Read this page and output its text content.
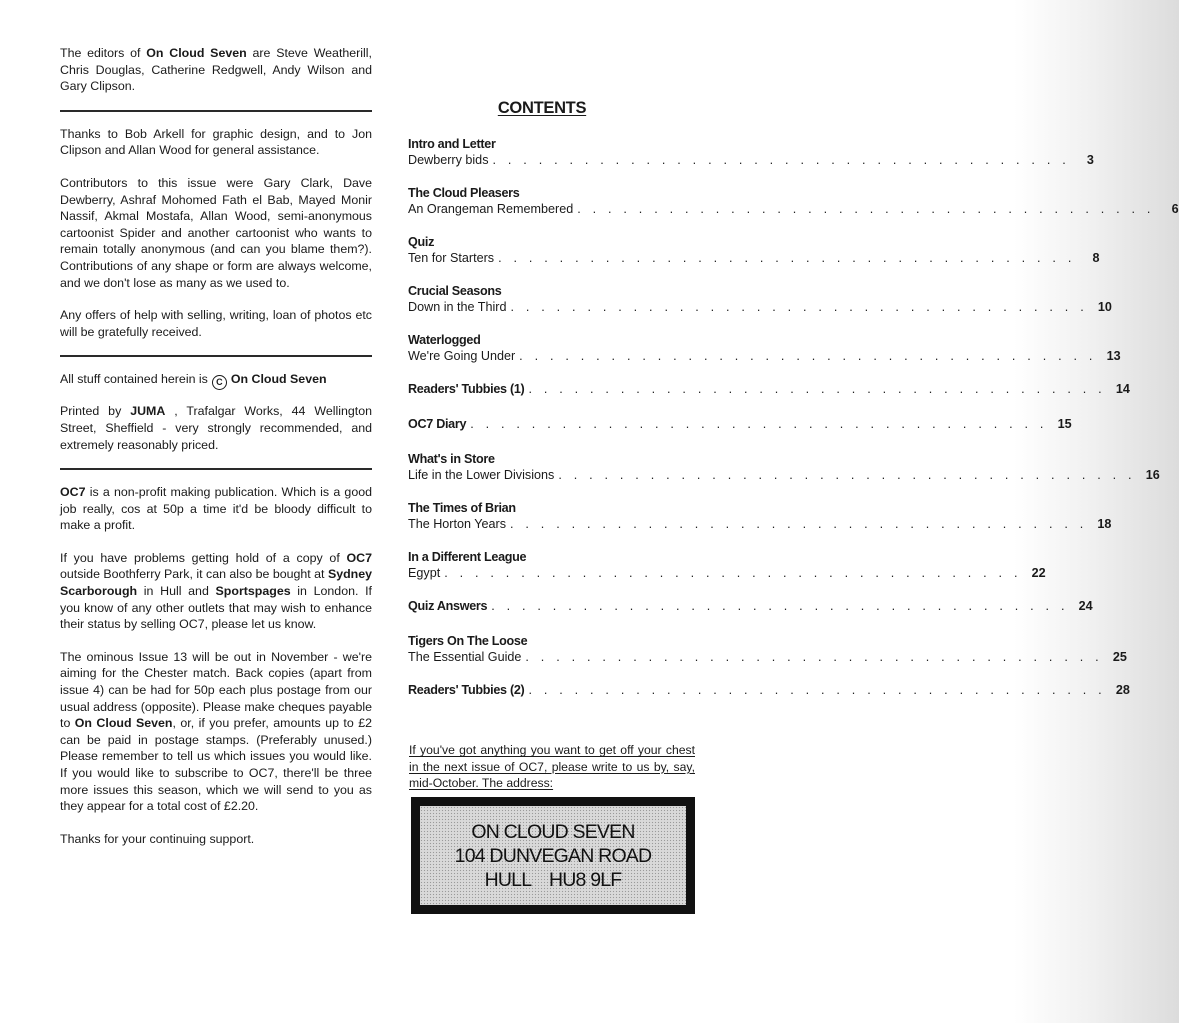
The editors of On Cloud Seven are Steve Weatherill, Chris Douglas, Catherine Redgwell, Andy Wilson and Gary Clipson.

Thanks to Bob Arkell for graphic design, and to Jon Clipson and Allan Wood for general assistance.

Contributors to this issue were Gary Clark, Dave Dewberry, Ashraf Mohomed Fath el Bab, Mayed Monir Nassif, Akmal Mostafa, Allan Wood, semi-anonymous cartoonist Spider and another cartoonist who wants to remain totally anonymous (and can you blame them?). Contributions of any shape or form are always welcome, and we don't lose as many as we used to.

Any offers of help with selling, writing, loan of photos etc will be gratefully received.

All stuff contained herein is C On Cloud Seven

Printed by JUMA , Trafalgar Works, 44 Wellington Street, Sheffield - very strongly recommended, and extremely reasonably priced.

OC7 is a non-profit making publication. Which is a good job really, cos at 50p a time it'd be bloody difficult to make a profit.

If you have problems getting hold of a copy of OC7 outside Boothferry Park, it can also be bought at Sydney Scarborough in Hull and Sportspages in London. If you know of any other outlets that may wish to enhance their status by selling OC7, please let us know.

The ominous Issue 13 will be out in November - we're aiming for the Chester match. Back copies (apart from issue 4) can be had for 50p each plus postage from our usual address (opposite). Please make cheques payable to On Cloud Seven, or, if you prefer, amounts up to £2 can be paid in postage stamps. (Preferably unused.) Please remember to tell us which issues you would like. If you would like to subscribe to OC7, there'll be three more issues this season, which we will send to you as they appear for a total cost of £2.20.

Thanks for your continuing support.

CONTENTS
Intro and Letter
Dewberry bids . . . . . . . . . . . . . . . . . . . . . . . . . . . . . . . . . . . . . .	3
The Cloud Pleasers
An Orangeman Remembered . . . . . . . . . . . . . . . . . . . . . . . . . . . . . . . . . . . . . .	6
Quiz
Ten for Starters . . . . . . . . . . . . . . . . . . . . . . . . . . . . . . . . . . . . . .	8
Crucial Seasons
Down in the Third . . . . . . . . . . . . . . . . . . . . . . . . . . . . . . . . . . . . . . 10
Waterlogged
We're Going Under . . . . . . . . . . . . . . . . . . . . . . . . . . . . . . . . . . . . . . 13
Readers' Tubbies (1) . . . . . . . . . . . . . . . . . . . . . . . . . . . . . . . . . . . . . . 14
OC7 Diary . . . . . . . . . . . . . . . . . . . . . . . . . . . . . . . . . . . . . . 15
What's in Store
Life in the Lower Divisions . . . . . . . . . . . . . . . . . . . . . . . . . . . . . . . . . . . . . . 16
The Times of Brian
The Horton Years . . . . . . . . . . . . . . . . . . . . . . . . . . . . . . . . . . . . . . 18
In a Different League
Egypt . . . . . . . . . . . . . . . . . . . . . . . . . . . . . . . . . . . . . . 22
Quiz Answers . . . . . . . . . . . . . . . . . . . . . . . . . . . . . . . . . . . . . . 24
Tigers On The Loose
The Essential Guide . . . . . . . . . . . . . . . . . . . . . . . . . . . . . . . . . . . . . . 25
Readers' Tubbies (2) . . . . . . . . . . . . . . . . . . . . . . . . . . . . . . . . . . . . . . 28

If you've got anything you want to get off your chest in the next issue of OC7, please write to us by, say, mid-October. The address:

ON CLOUD SEVEN
104 DUNVEGAN ROAD
HULL    HU8 9LF
